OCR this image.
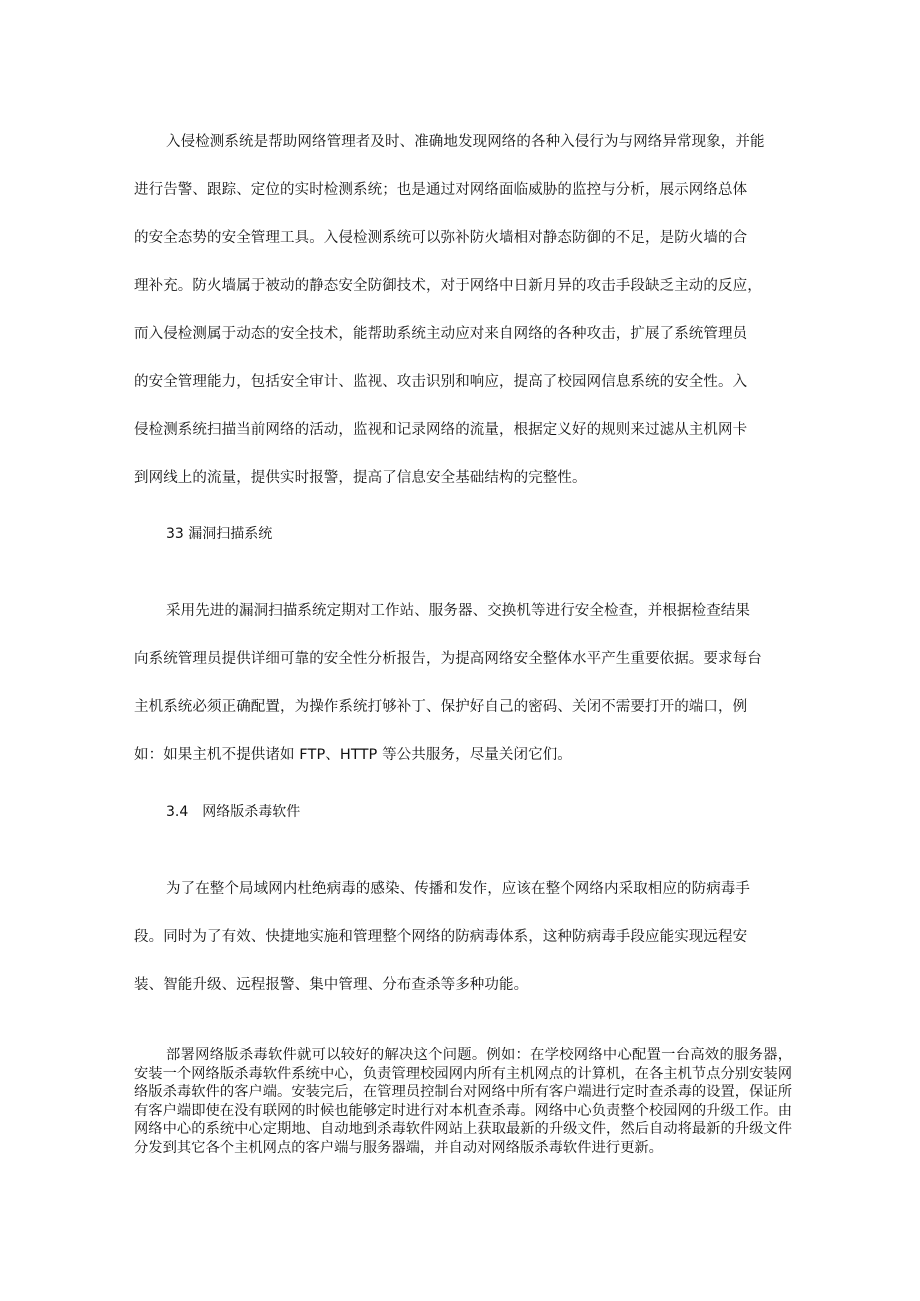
入侵检测系统是帮助网络管理者及时、准确地发现网络的各种入侵行为与网络异常现象，并能
进行告警、跟踪、定位的实时检测系统；也是通过对网络面临威胁的监控与分析，展示网络总体
的安全态势的安全管理工具。入侵检测系统可以弥补防火墙相对静态防御的不足，是防火墙的合
理补充。防火墙属于被动的静态安全防御技术，对于网络中日新月异的攻击手段缺乏主动的反应，
而入侵检测属于动态的安全技术，能帮助系统主动应对来自网络的各种攻击，扩展了系统管理员
的安全管理能力，包括安全审计、监视、攻击识别和响应，提高了校园网信息系统的安全性。入
侵检测系统扫描当前网络的活动，监视和记录网络的流量，根据定义好的规则来过滤从主机网卡
到网线上的流量，提供实时报警，提高了信息安全基础结构的完整性。
33 漏洞扫描系统
采用先进的漏洞扫描系统定期对工作站、服务器、交换机等进行安全检查，并根据检查结果
向系统管理员提供详细可靠的安全性分析报告，为提高网络安全整体水平产生重要依据。要求每台
主机系统必须正确配置，为操作系统打够补丁、保护好自己的密码、关闭不需要打开的端口，例
如：如果主机不提供诸如 FTP、HTTP 等公共服务，尽量关闭它们。
3.4　网络版杀毒软件
为了在整个局域网内杜绝病毒的感染、传播和发作，应该在整个网络内采取相应的防病毒手
段。同时为了有效、快捷地实施和管理整个网络的防病毒体系，这种防病毒手段应能实现远程安
装、智能升级、远程报警、集中管理、分布查杀等多种功能。
部署网络版杀毒软件就可以较好的解决这个问题。例如：在学校网络中心配置一台高效的服务器，安装一个网络版杀毒软件系统中心，负责管理校园网内所有主机网点的计算机，在各主机节点分别安装网络版杀毒软件的客户端。安装完后，在管理员控制台对网络中所有客户端进行定时查杀毒的设置，保证所有客户端即使在没有联网的时候也能够定时进行对本机查杀毒。网络中心负责整个校园网的升级工作。由网络中心的系统中心定期地、自动地到杀毒软件网站上获取最新的升级文件，然后自动将最新的升级文件分发到其它各个主机网点的客户端与服务器端，并自动对网络版杀毒软件进行更新。
